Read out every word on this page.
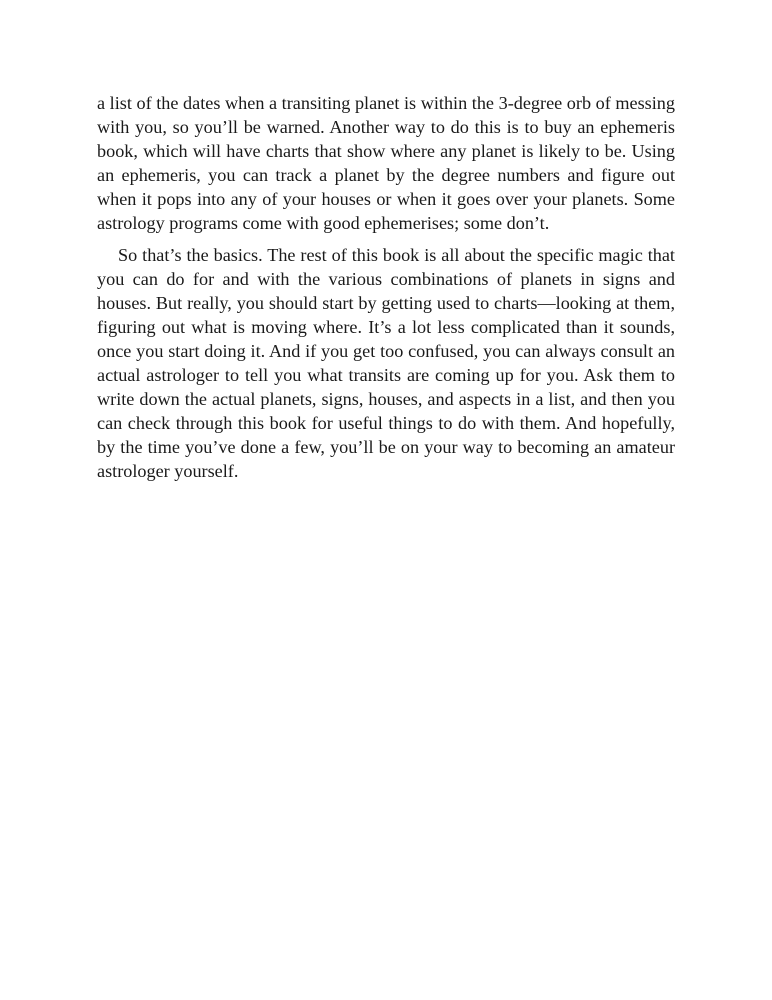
a list of the dates when a transiting planet is within the 3-degree orb of messing with you, so you’ll be warned. Another way to do this is to buy an ephemeris book, which will have charts that show where any planet is likely to be. Using an ephemeris, you can track a planet by the degree numbers and figure out when it pops into any of your houses or when it goes over your planets. Some astrology programs come with good ephemerises; some don’t.

So that’s the basics. The rest of this book is all about the specific magic that you can do for and with the various combinations of planets in signs and houses. But really, you should start by getting used to charts—looking at them, figuring out what is moving where. It’s a lot less complicated than it sounds, once you start doing it. And if you get too confused, you can always consult an actual astrologer to tell you what transits are coming up for you. Ask them to write down the actual planets, signs, houses, and aspects in a list, and then you can check through this book for useful things to do with them. And hopefully, by the time you’ve done a few, you’ll be on your way to becoming an amateur astrologer yourself.
